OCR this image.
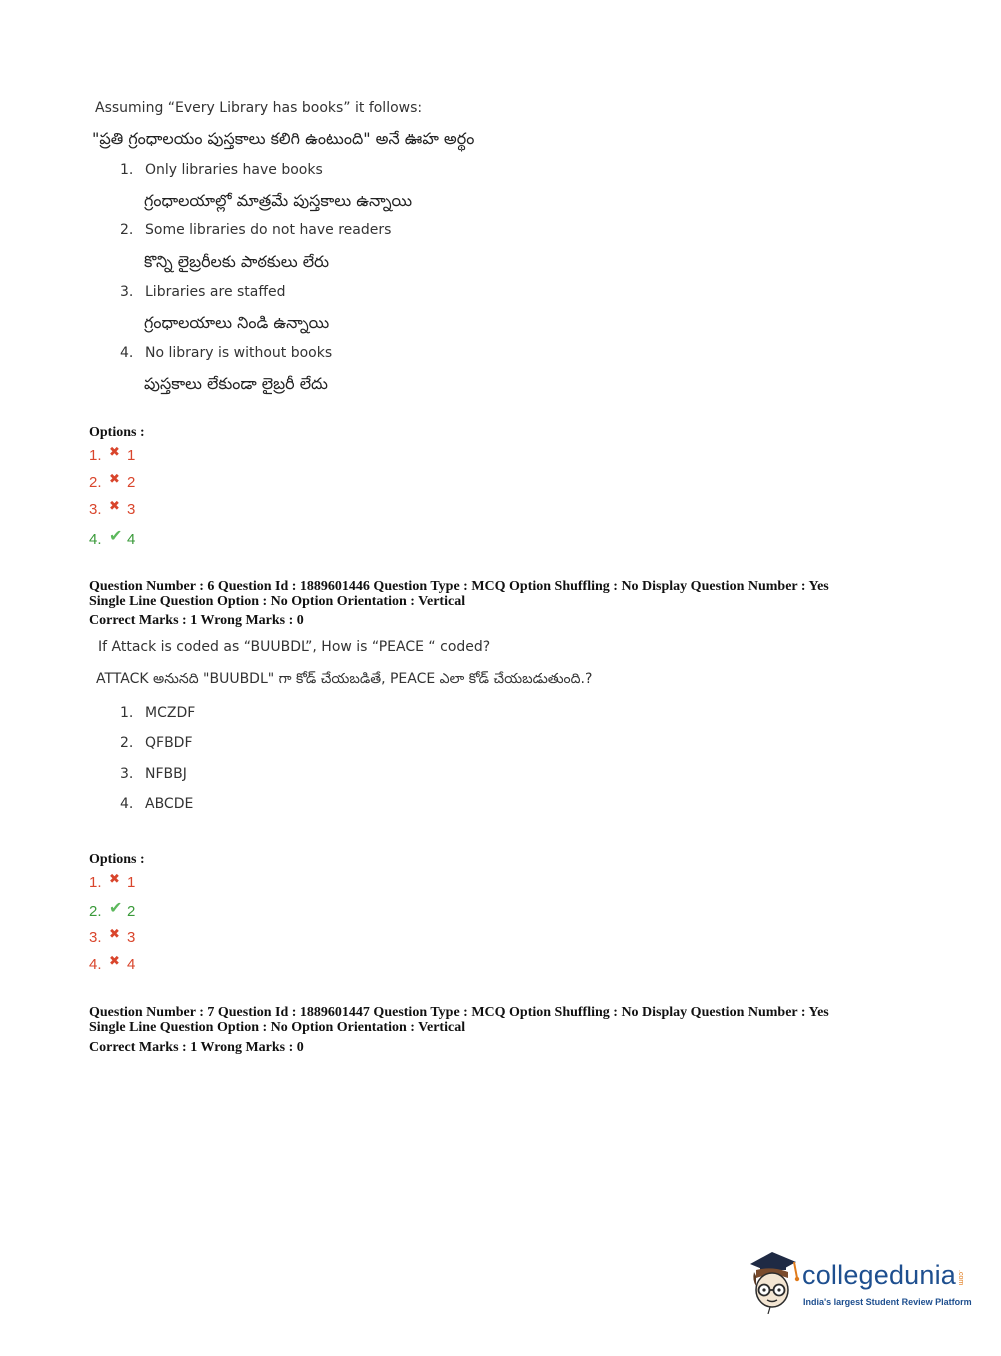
Assuming “Every Library has books” it follows:
"ప్రతి గ్రంధాలయం పుస్తకాలు కలిగి ఉంటుంది" అనే ఊహ అర్థం
1. Only libraries have books
గ్రంధాలయాల్లో మాత్రమే పుస్తకాలు ఉన్నాయి
2. Some libraries do not have readers
కొన్ని లైబ్రరీలకు పాఠకులు లేరు
3. Libraries are staffed
గ్రంధాలయాలు నిండి ఉన్నాయి
4. No library is without books
పుస్తకాలు లేకుండా లైబ్రరీ లేదు
Options :
1. ✖ 1
2. ✖ 2
3. ✖ 3
4. ✔ 4
Question Number : 6 Question Id : 1889601446 Question Type : MCQ Option Shuffling : No Display Question Number : Yes
Single Line Question Option : No Option Orientation : Vertical
Correct Marks : 1 Wrong Marks : 0
If Attack is coded as “BUUBDL”, How is “PEACE “ coded?
ATTACK అనునది "BUUBDL" గా కోడ్ చేయబడితే, PEACE ఎలా కోడ్ చేయబడుతుంది.?
1. MCZDF
2. QFBDF
3. NFBBJ
4. ABCDE
Options :
1. ✖ 1
2. ✔ 2
3. ✖ 3
4. ✖ 4
Question Number : 7 Question Id : 1889601447 Question Type : MCQ Option Shuffling : No Display Question Number : Yes
Single Line Question Option : No Option Orientation : Vertical
Correct Marks : 1 Wrong Marks : 0
collegedunia .com
India's largest Student Review Platform
